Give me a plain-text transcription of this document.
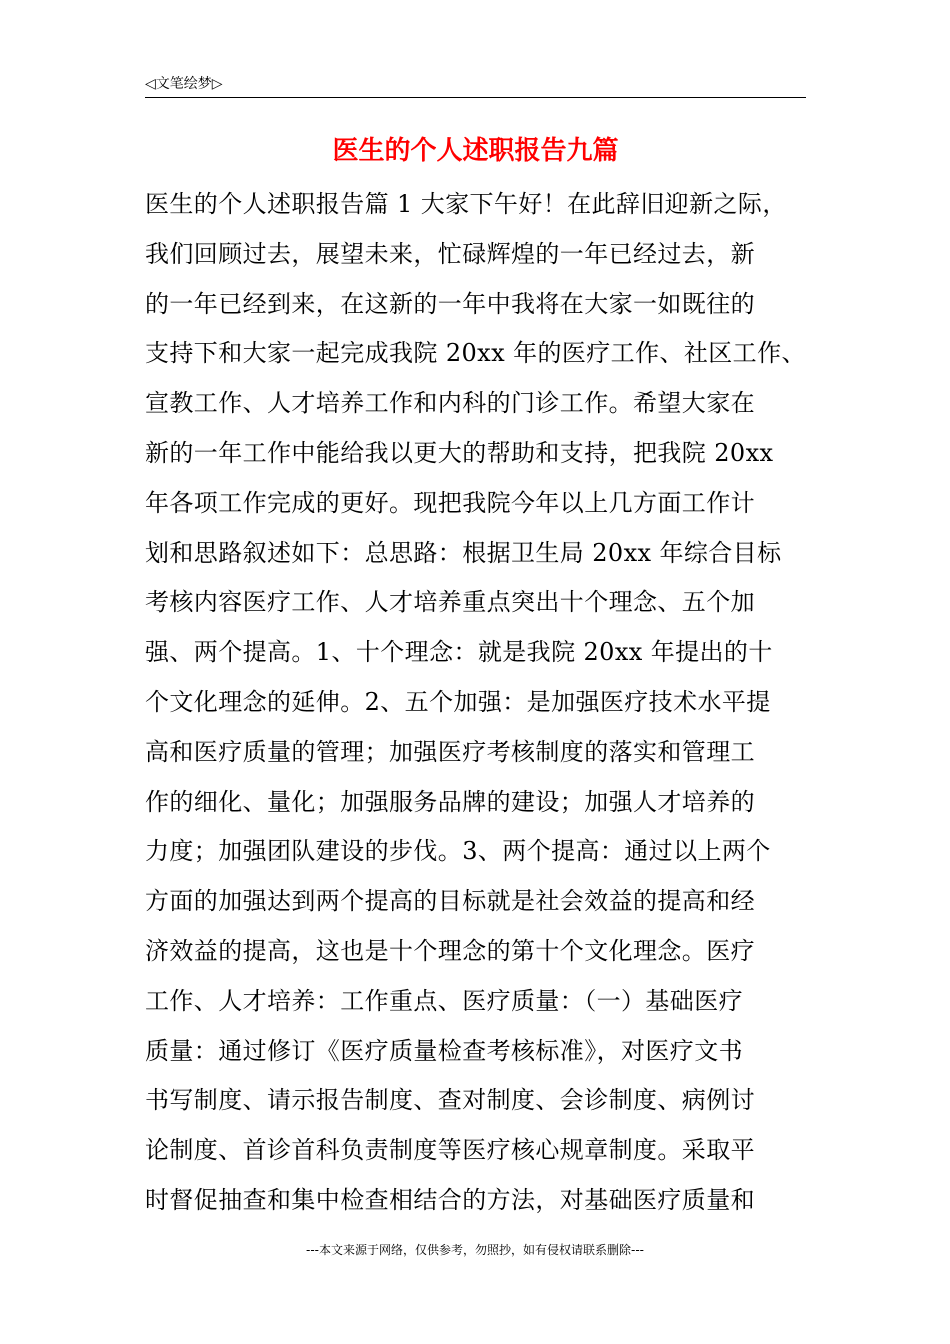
◁文笔绘梦▷
医生的个人述职报告九篇
医生的个人述职报告篇 1 大家下午好！在此辞旧迎新之际，
我们回顾过去，展望未来，忙碌辉煌的一年已经过去，新
的一年已经到来，在这新的一年中我将在大家一如既往的
支持下和大家一起完成我院 20xx 年的医疗工作、社区工作、
宣教工作、人才培养工作和内科的门诊工作。希望大家在
新的一年工作中能给我以更大的帮助和支持，把我院 20xx
年各项工作完成的更好。现把我院今年以上几方面工作计
划和思路叙述如下：总思路：根据卫生局 20xx 年综合目标
考核内容医疗工作、人才培养重点突出十个理念、五个加
强、两个提高。1、十个理念：就是我院 20xx 年提出的十
个文化理念的延伸。2、五个加强：是加强医疗技术水平提
高和医疗质量的管理；加强医疗考核制度的落实和管理工
作的细化、量化；加强服务品牌的建设；加强人才培养的
力度；加强团队建设的步伐。3、两个提高：通过以上两个
方面的加强达到两个提高的目标就是社会效益的提高和经
济效益的提高，这也是十个理念的第十个文化理念。医疗
工作、人才培养：工作重点、医疗质量：（一）基础医疗
质量：通过修订《医疗质量检查考核标准》，对医疗文书
书写制度、请示报告制度、查对制度、会诊制度、病例讨
论制度、首诊首科负责制度等医疗核心规章制度。采取平
时督促抽查和集中检查相结合的方法，对基础医疗质量和
---本文来源于网络，仅供参考，勿照抄，如有侵权请联系删除---
